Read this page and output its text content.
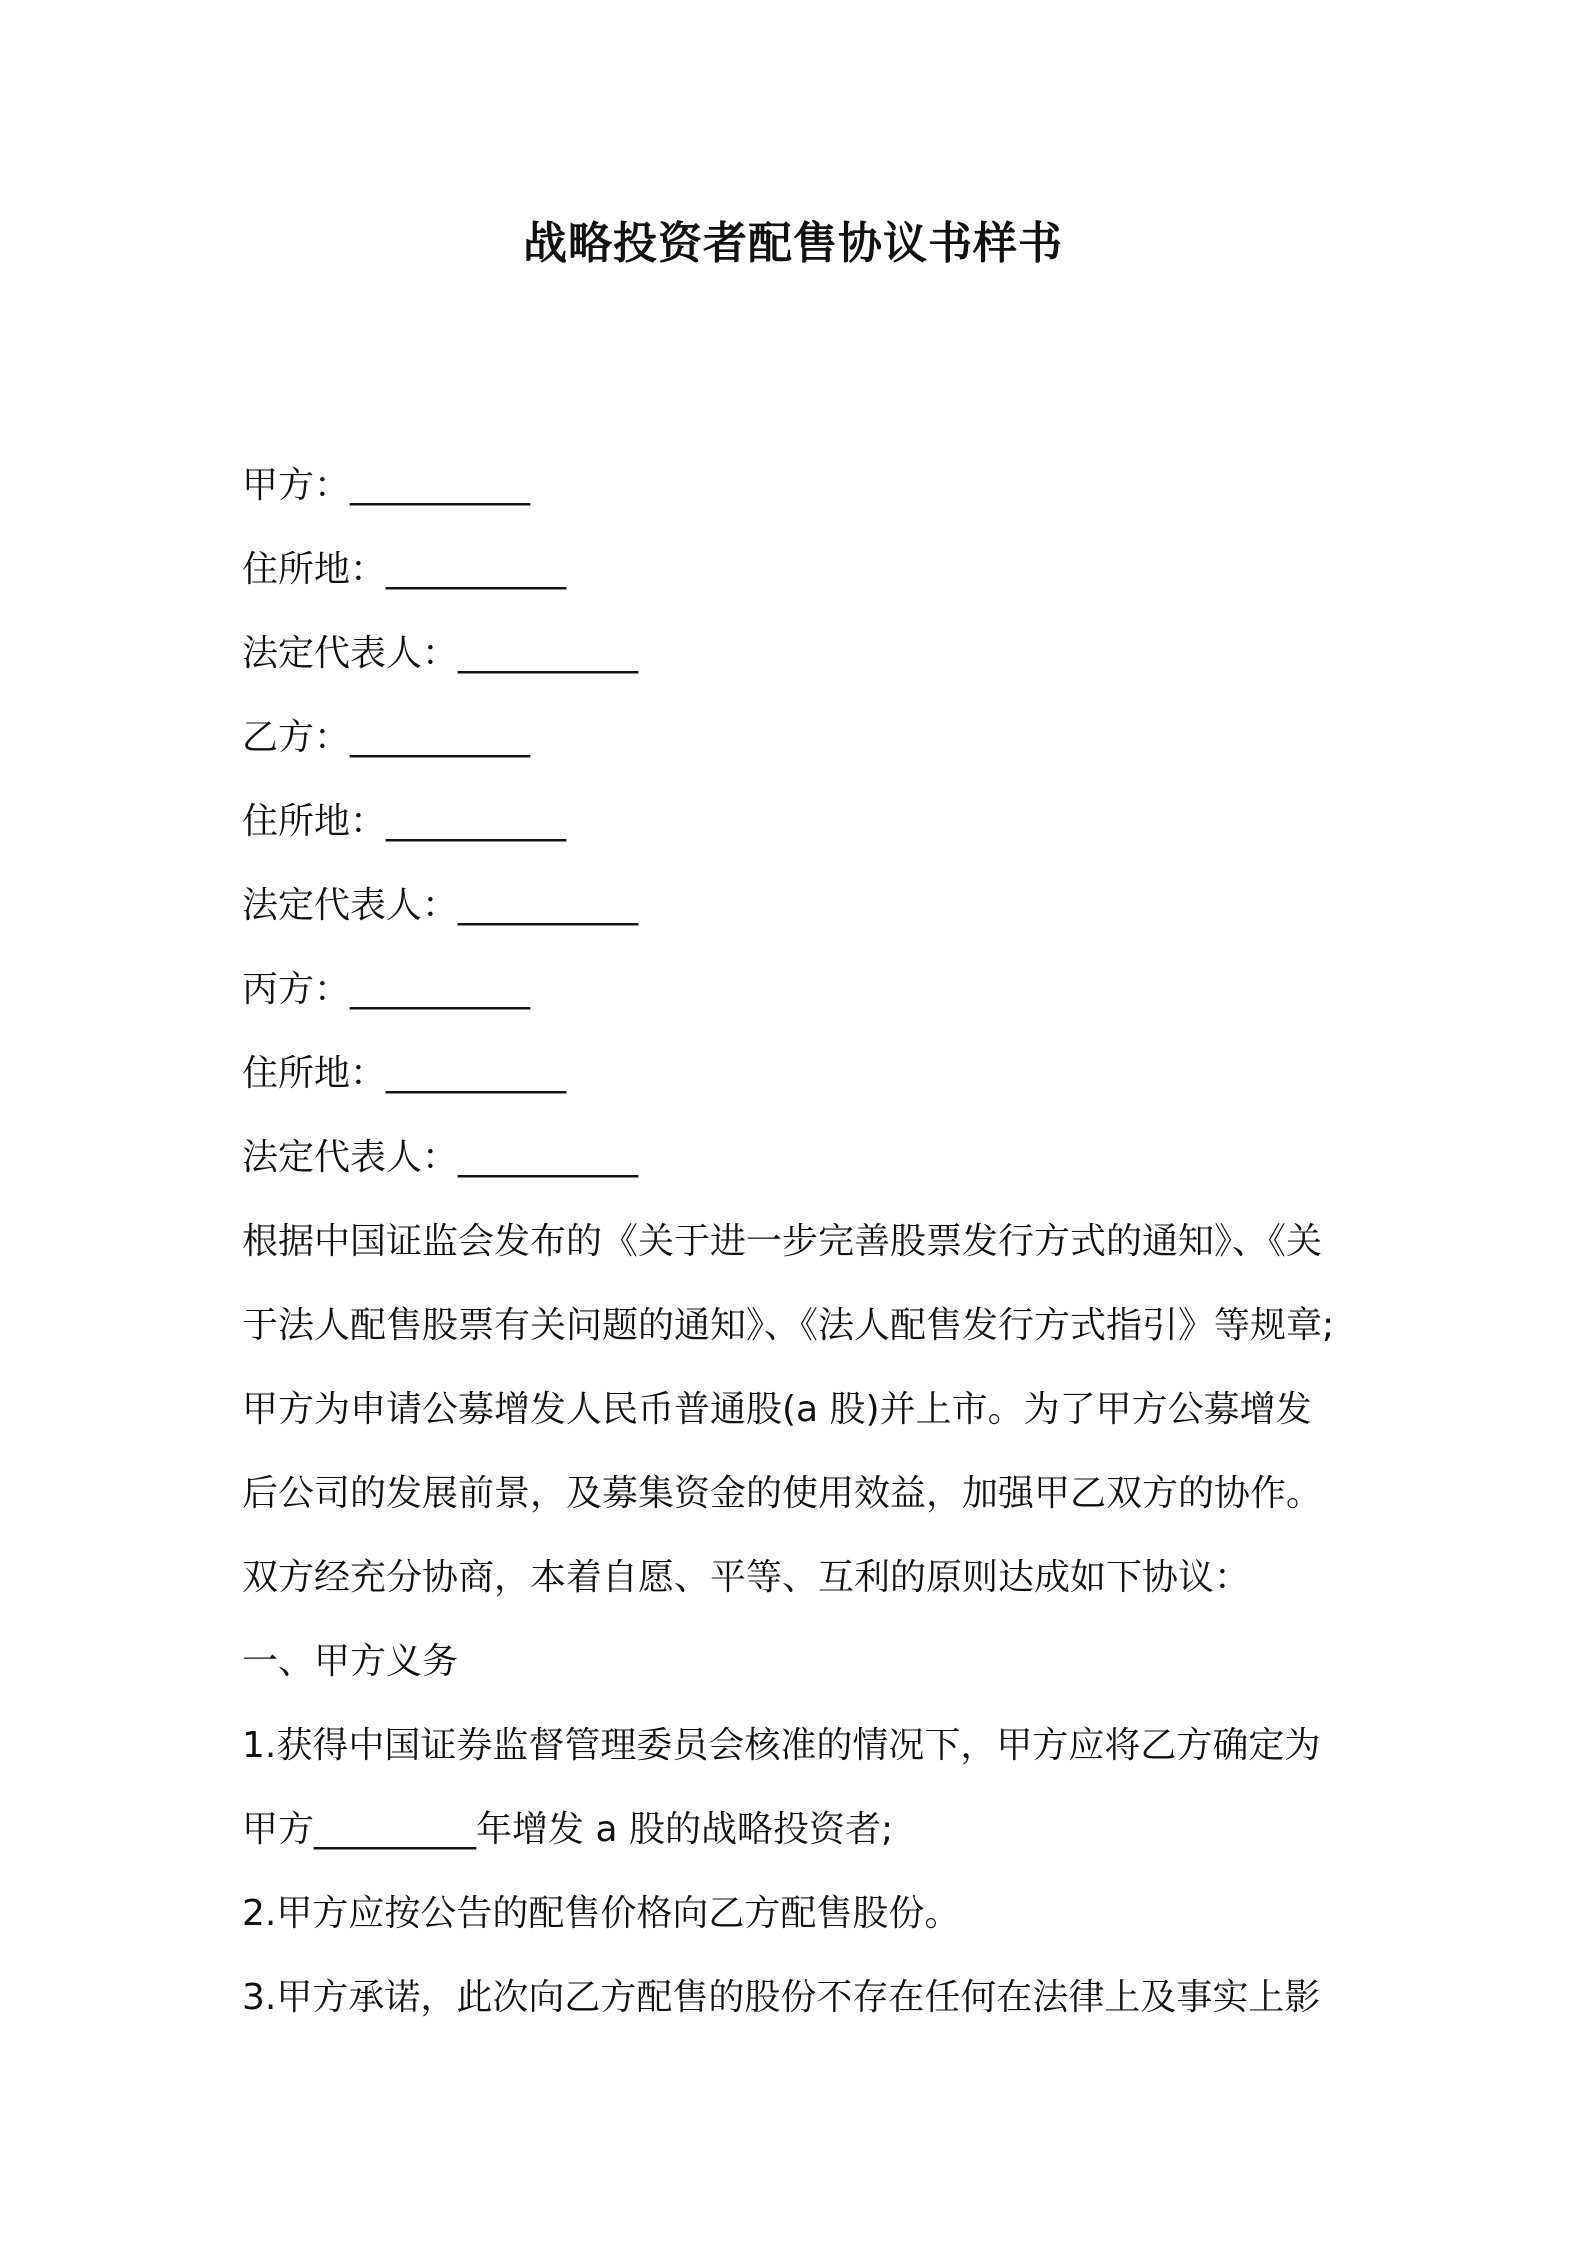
战略投资者配售协议书样书
甲方：__________
住所地：__________
法定代表人：__________
乙方：__________
住所地：__________
法定代表人：__________
丙方：__________
住所地：__________
法定代表人：__________
根据中国证监会发布的《关于进一步完善股票发行方式的通知》、《关
于法人配售股票有关问题的通知》、《法人配售发行方式指引》等规章;
甲方为申请公募增发人民币普通股(a 股)并上市。为了甲方公募增发
后公司的发展前景，及募集资金的使用效益，加强甲乙双方的协作。
双方经充分协商，本着自愿、平等、互利的原则达成如下协议：
一、甲方义务
1.获得中国证券监督管理委员会核准的情况下，甲方应将乙方确定为
甲方_________年增发 a 股的战略投资者;
2.甲方应按公告的配售价格向乙方配售股份。
3.甲方承诺，此次向乙方配售的股份不存在任何在法律上及事实上影
